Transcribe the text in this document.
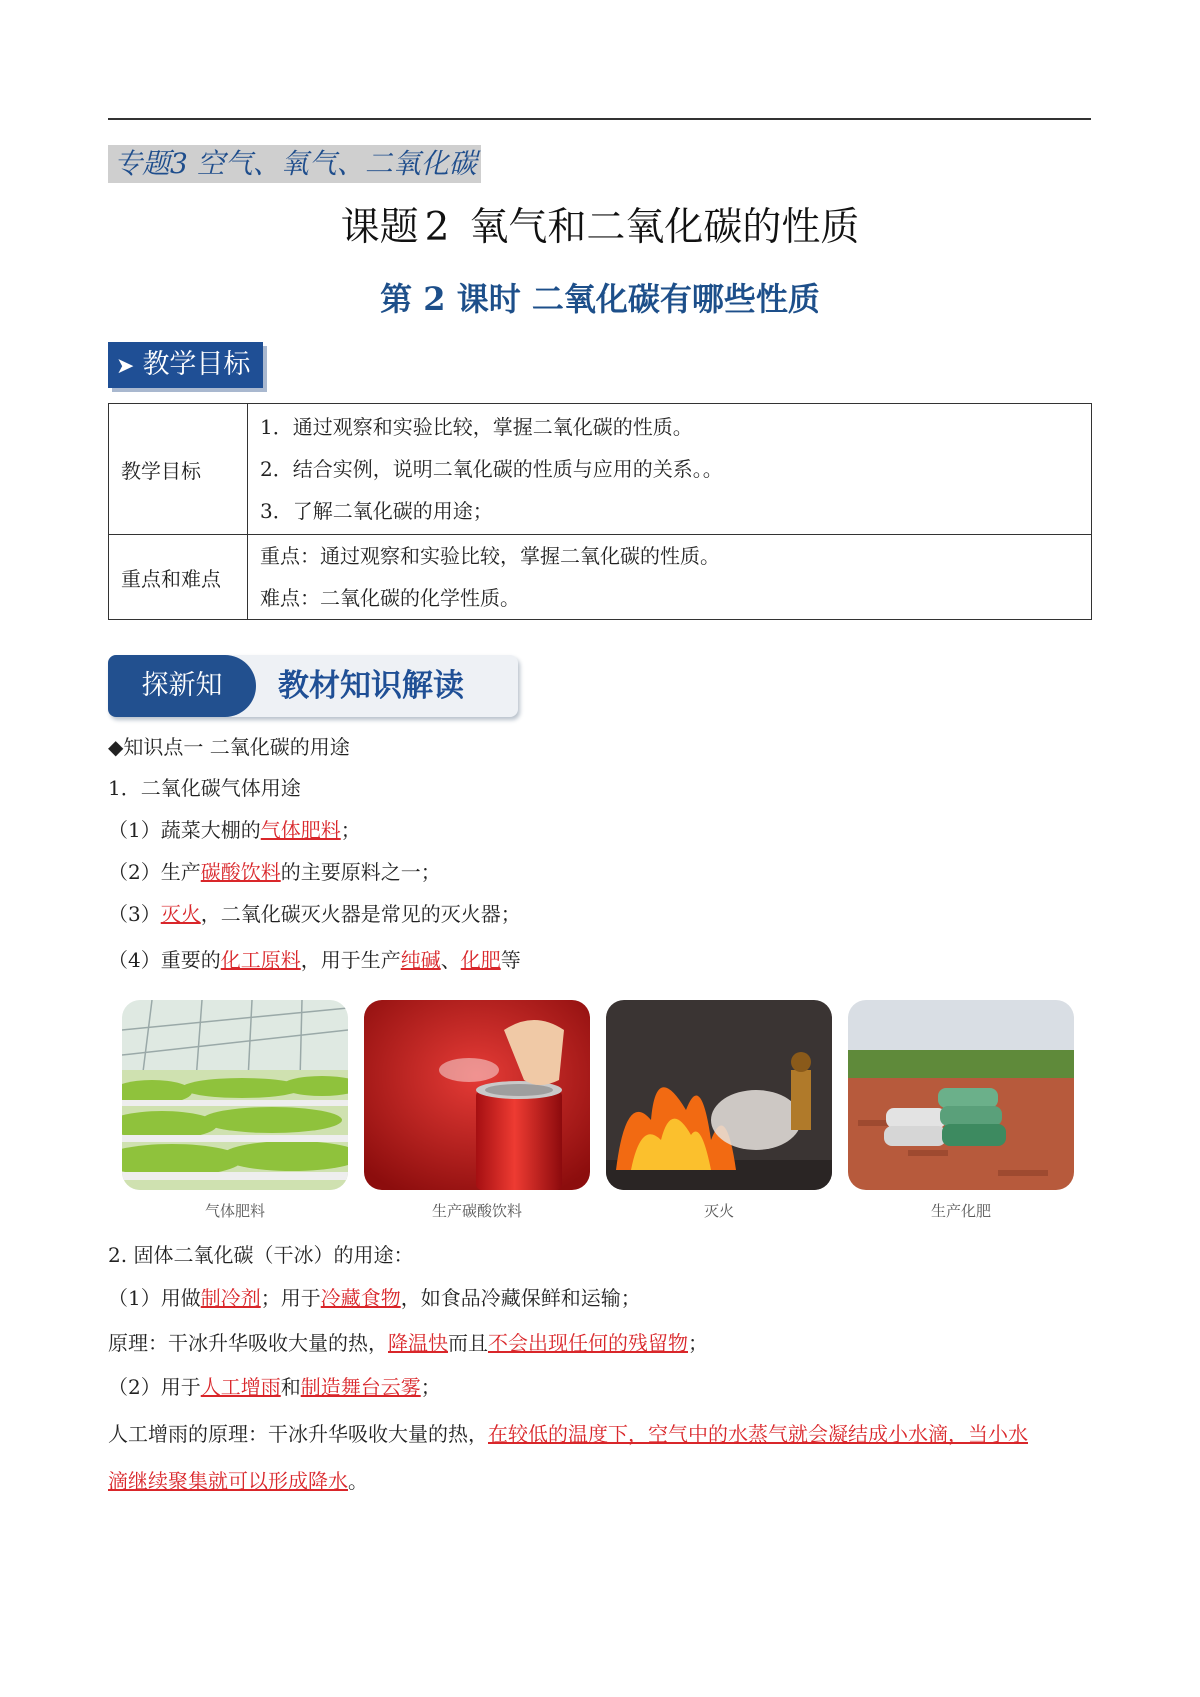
专题3 空气、氧气、二氧化碳
课题 2 氧气和二氧化碳的性质
第 2 课时 二氧化碳有哪些性质
➤ 教学目标
教学目标	1．通过观察和实验比较，掌握二氧化碳的性质。
2．结合实例，说明二氧化碳的性质与应用的关系。。
3．了解二氧化碳的用途；

重点和难点	重点：通过观察和实验比较，掌握二氧化碳的性质。
难点：二氧化碳的化学性质。
探新知	教材知识解读
◆知识点一 二氧化碳的用途
1．二氧化碳气体用途
（1）蔬菜大棚的气体肥料；
（2）生产碳酸饮料的主要原料之一；
（3）灭火，二氧化碳灭火器是常见的灭火器；
（4）重要的化工原料，用于生产纯碱、化肥等
气体肥料	生产碳酸饮料	灭火	生产化肥
2. 固体二氧化碳（干冰）的用途：
（1）用做制冷剂；用于冷藏食物，如食品冷藏保鲜和运输；
原理：干冰升华吸收大量的热，降温快而且不会出现任何的残留物；
（2）用于人工增雨和制造舞台云雾；
人工增雨的原理：干冰升华吸收大量的热，在较低的温度下，空气中的水蒸气就会凝结成小水滴，当小水
滴继续聚集就可以形成降水。
